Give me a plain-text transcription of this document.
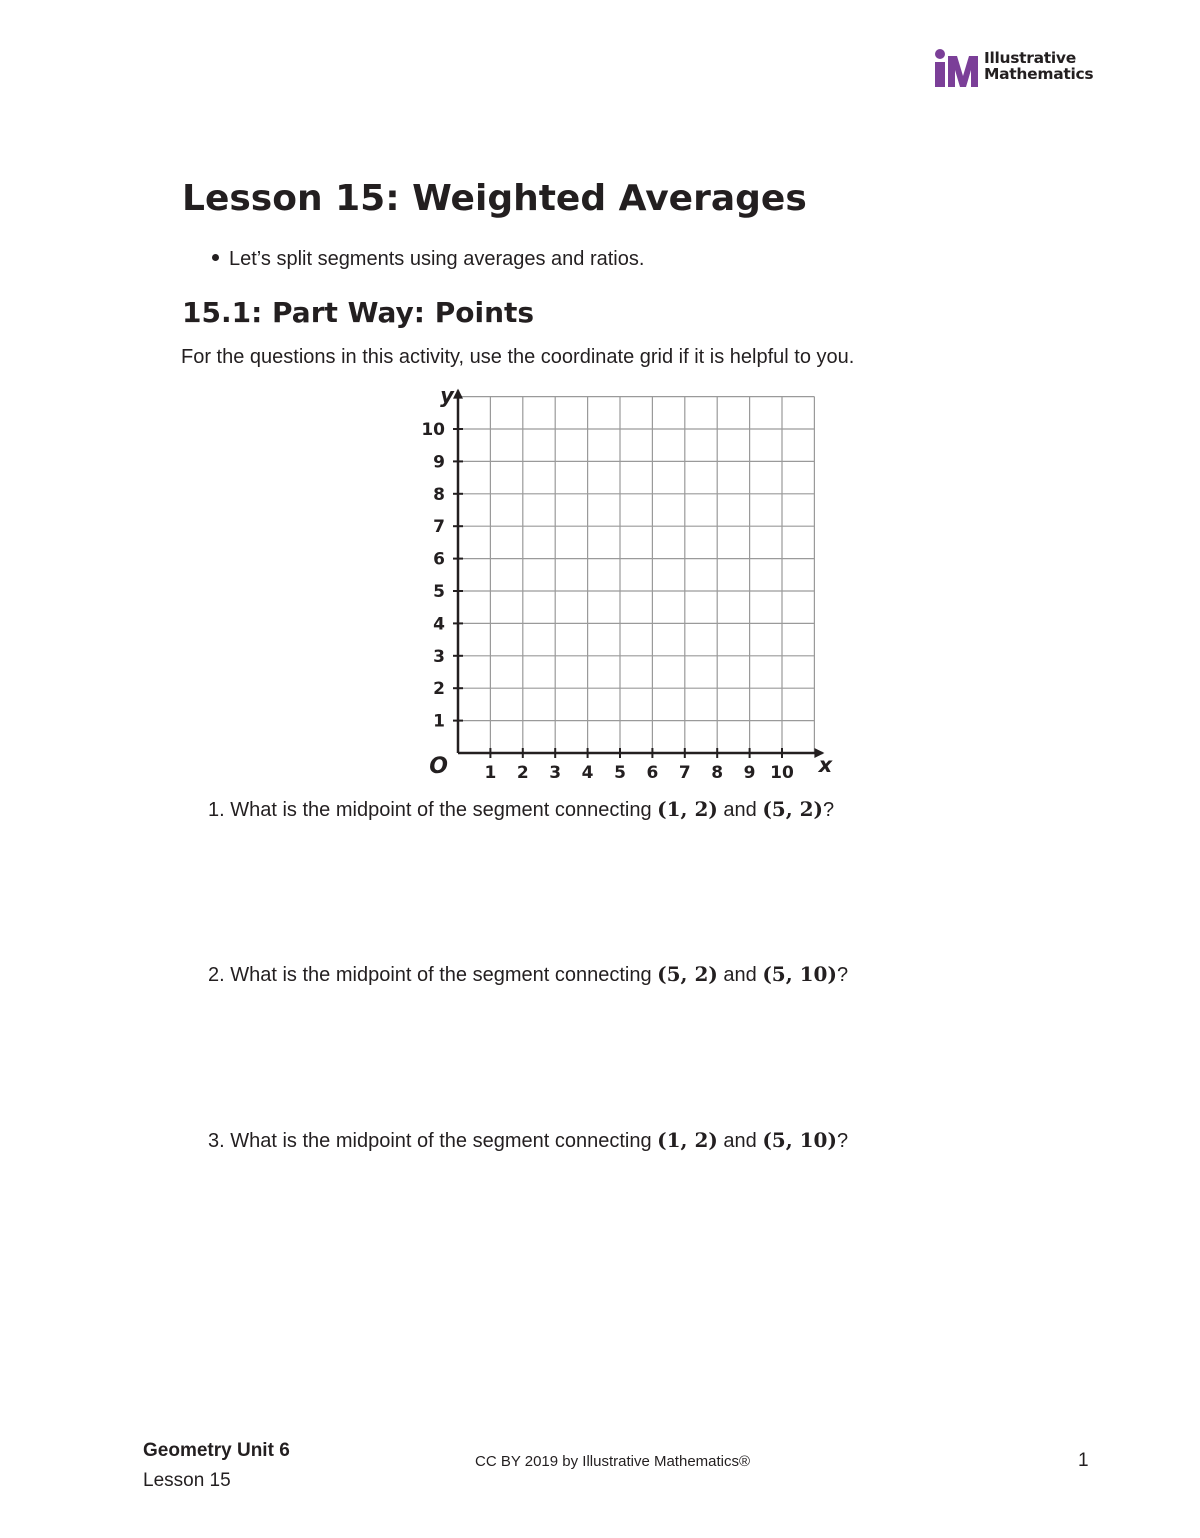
Illustrative
Mathematics
Lesson 15: Weighted Averages
Let’s split segments using averages and ratios.
15.1: Part Way: Points
For the questions in this activity, use the coordinate grid if it is helpful to you.
1 2 3 4 5 6 7 8 9 10
1
2
3
4
5
6
7
8
9
10
O	x
y
1. What is the midpoint of the segment connecting (1, 2) and (5, 2)?
2. What is the midpoint of the segment connecting (5, 2) and (5, 10)?
3. What is the midpoint of the segment connecting (1, 2) and (5, 10)?
Geometry Unit 6
Lesson 15
CC BY 2019 by Illustrative Mathematics®	1
